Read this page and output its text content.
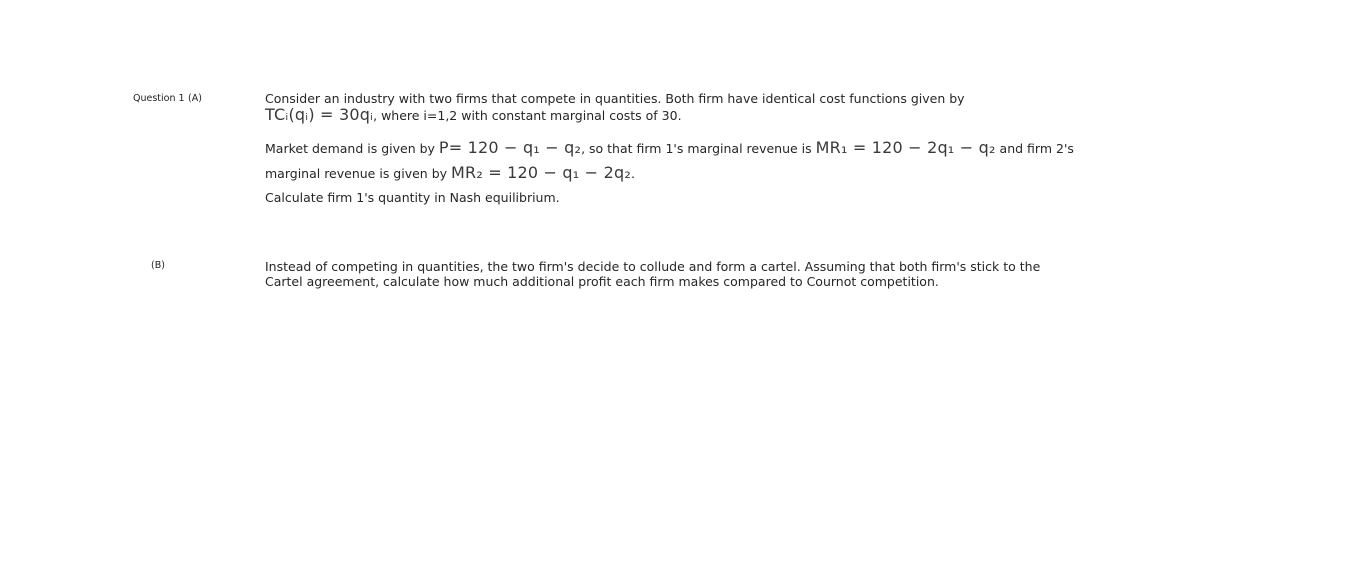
Question 1 (A)
(B)
Consider an industry with two firms that compete in quantities. Both firm have identical cost functions given by
TCᵢ(qᵢ) = 30qᵢ, where i=1,2 with constant marginal costs of 30.
Market demand is given by P= 120 − q₁ − q₂, so that firm 1's marginal revenue is MR₁ = 120 − 2q₁ − q₂ and firm 2's
marginal revenue is given by MR₂ = 120 − q₁ − 2q₂.
Calculate firm 1's quantity in Nash equilibrium.
Instead of competing in quantities, the two firm's decide to collude and form a cartel. Assuming that both firm's stick to the
Cartel agreement, calculate how much additional profit each firm makes compared to Cournot competition.
